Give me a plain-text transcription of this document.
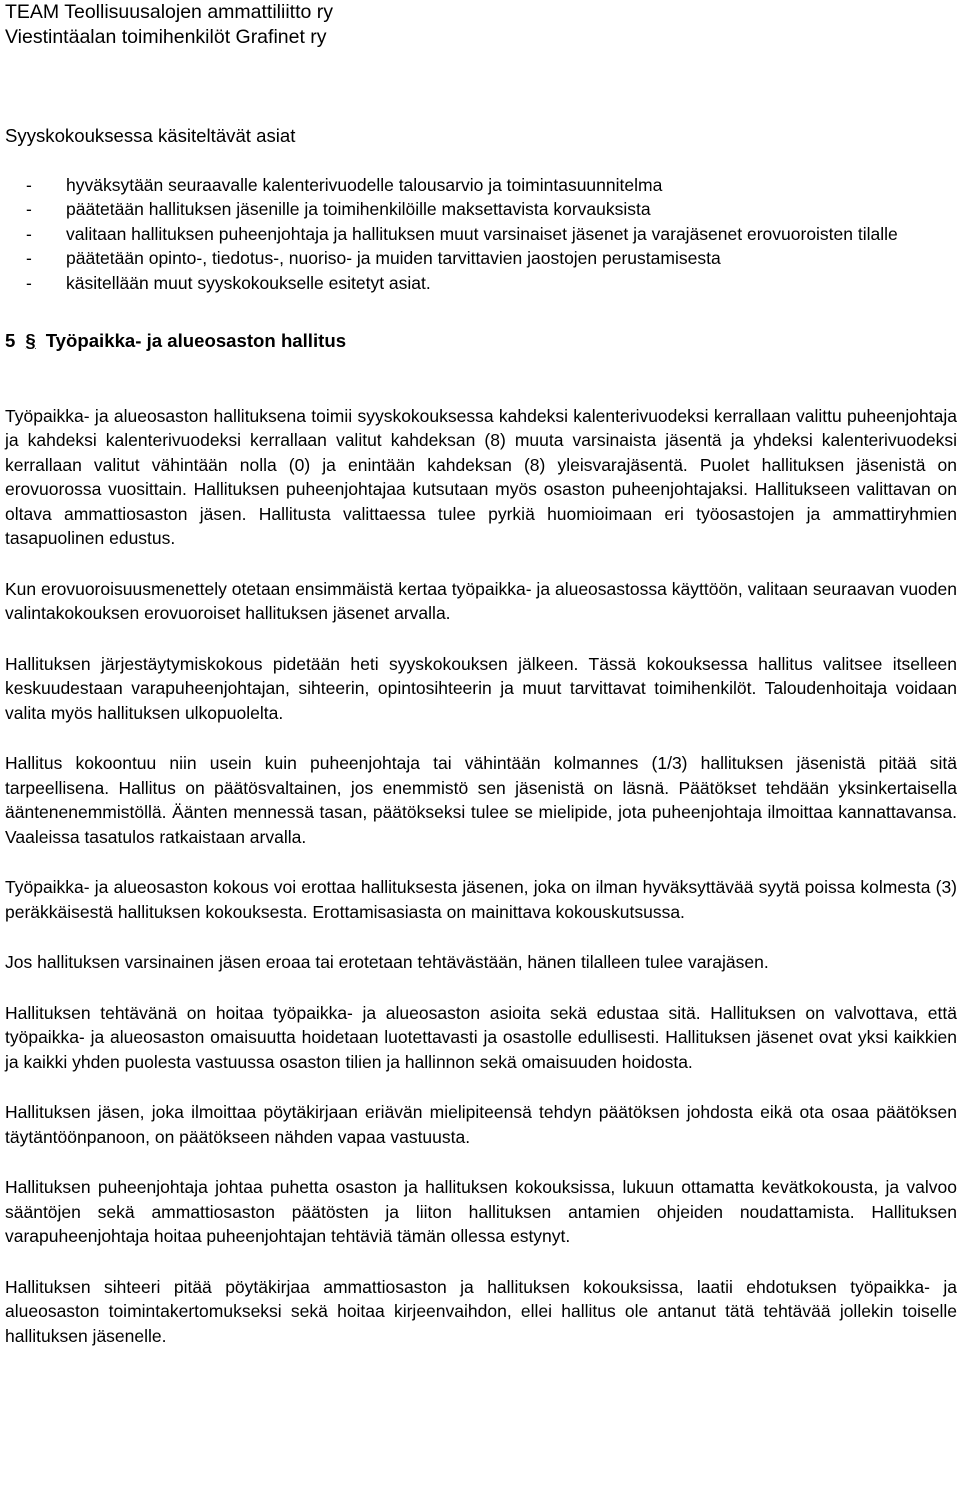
TEAM Teollisuusalojen ammattiliitto ry
Viestintäalan toimihenkilöt Grafinet ry
Syyskokouksessa käsiteltävät asiat
- hyväksytään seuraavalle kalenterivuodelle talousarvio ja toimintasuunnitelma
- päätetään hallituksen jäsenille ja toimihenkilöille maksettavista korvauksista
- valitaan hallituksen puheenjohtaja ja hallituksen muut varsinaiset jäsenet ja varajäsenet erovuoroisten tilalle
- päätetään opinto-, tiedotus-, nuoriso- ja muiden tarvittavien jaostojen perustamisesta
- käsitellään muut syyskokoukselle esitetyt asiat.
5 § Työpaikka- ja alueosaston hallitus

Työpaikka- ja alueosaston hallituksena toimii syyskokouksessa kahdeksi kalenterivuodeksi kerrallaan valittu puheenjohtaja ja kahdeksi kalenterivuodeksi kerrallaan valitut kahdeksan (8) muuta varsinaista jäsentä ja yhdeksi kalenterivuodeksi kerrallaan valitut vähintään nolla (0) ja enintään kahdeksan (8) yleisvarajäsentä. Puolet hallituksen jäsenistä on erovuorossa vuosittain. Hallituksen puheenjohtajaa kutsutaan myös osaston puheenjohtajaksi. Hallitukseen valittavan on oltava ammattiosaston jäsen. Hallitusta valittaessa tulee pyrkiä huomioimaan eri työosastojen ja ammattiryhmien tasapuolinen edustus.

Kun erovuoroisuusmenettely otetaan ensimmäistä kertaa työpaikka- ja alueosastossa käyttöön, valitaan seuraavan vuoden valintakokouksen erovuoroiset hallituksen jäsenet arvalla.

Hallituksen järjestäytymiskokous pidetään heti syyskokouksen jälkeen. Tässä kokouksessa hallitus valitsee itselleen keskuudestaan varapuheenjohtajan, sihteerin, opintosihteerin ja muut tarvittavat toimihenkilöt. Taloudenhoitaja voidaan valita myös hallituksen ulkopuolelta.

Hallitus kokoontuu niin usein kuin puheenjohtaja tai vähintään kolmannes (1/3) hallituksen jäsenistä pitää sitä tarpeellisena. Hallitus on päätösvaltainen, jos enemmistö sen jäsenistä on läsnä. Päätökset tehdään yksinkertaisella ääntenenemmistöllä. Äänten mennessä tasan, päätökseksi tulee se mielipide, jota puheenjohtaja ilmoittaa kannattavansa. Vaaleissa tasatulos ratkaistaan arvalla.

Työpaikka- ja alueosaston kokous voi erottaa hallituksesta jäsenen, joka on ilman hyväksyttävää syytä poissa kolmesta (3) peräkkäisestä hallituksen kokouksesta. Erottamisasiasta on mainittava kokouskutsussa.

Jos hallituksen varsinainen jäsen eroaa tai erotetaan tehtävästään, hänen tilalleen tulee varajäsen.

Hallituksen tehtävänä on hoitaa työpaikka- ja alueosaston asioita sekä edustaa sitä. Hallituksen on valvottava, että työpaikka- ja alueosaston omaisuutta hoidetaan luotettavasti ja osastolle edullisesti. Hallituksen jäsenet ovat yksi kaikkien ja kaikki yhden puolesta vastuussa osaston tilien ja hallinnon sekä omaisuuden hoidosta.

Hallituksen jäsen, joka ilmoittaa pöytäkirjaan eriävän mielipiteensä tehdyn päätöksen johdosta eikä ota osaa päätöksen täytäntöönpanoon, on päätökseen nähden vapaa vastuusta.

Hallituksen puheenjohtaja johtaa puhetta osaston ja hallituksen kokouksissa, lukuun ottamatta kevätkokousta, ja valvoo sääntöjen sekä ammattiosaston päätösten ja liiton hallituksen antamien ohjeiden noudattamista. Hallituksen varapuheenjohtaja hoitaa puheenjohtajan tehtäviä tämän ollessa estynyt.

Hallituksen sihteeri pitää pöytäkirjaa ammattiosaston ja hallituksen kokouksissa, laatii ehdotuksen työpaikka- ja alueosaston toimintakertomukseksi sekä hoitaa kirjeenvaihdon, ellei hallitus ole antanut tätä tehtävää jollekin toiselle hallituksen jäsenelle.
